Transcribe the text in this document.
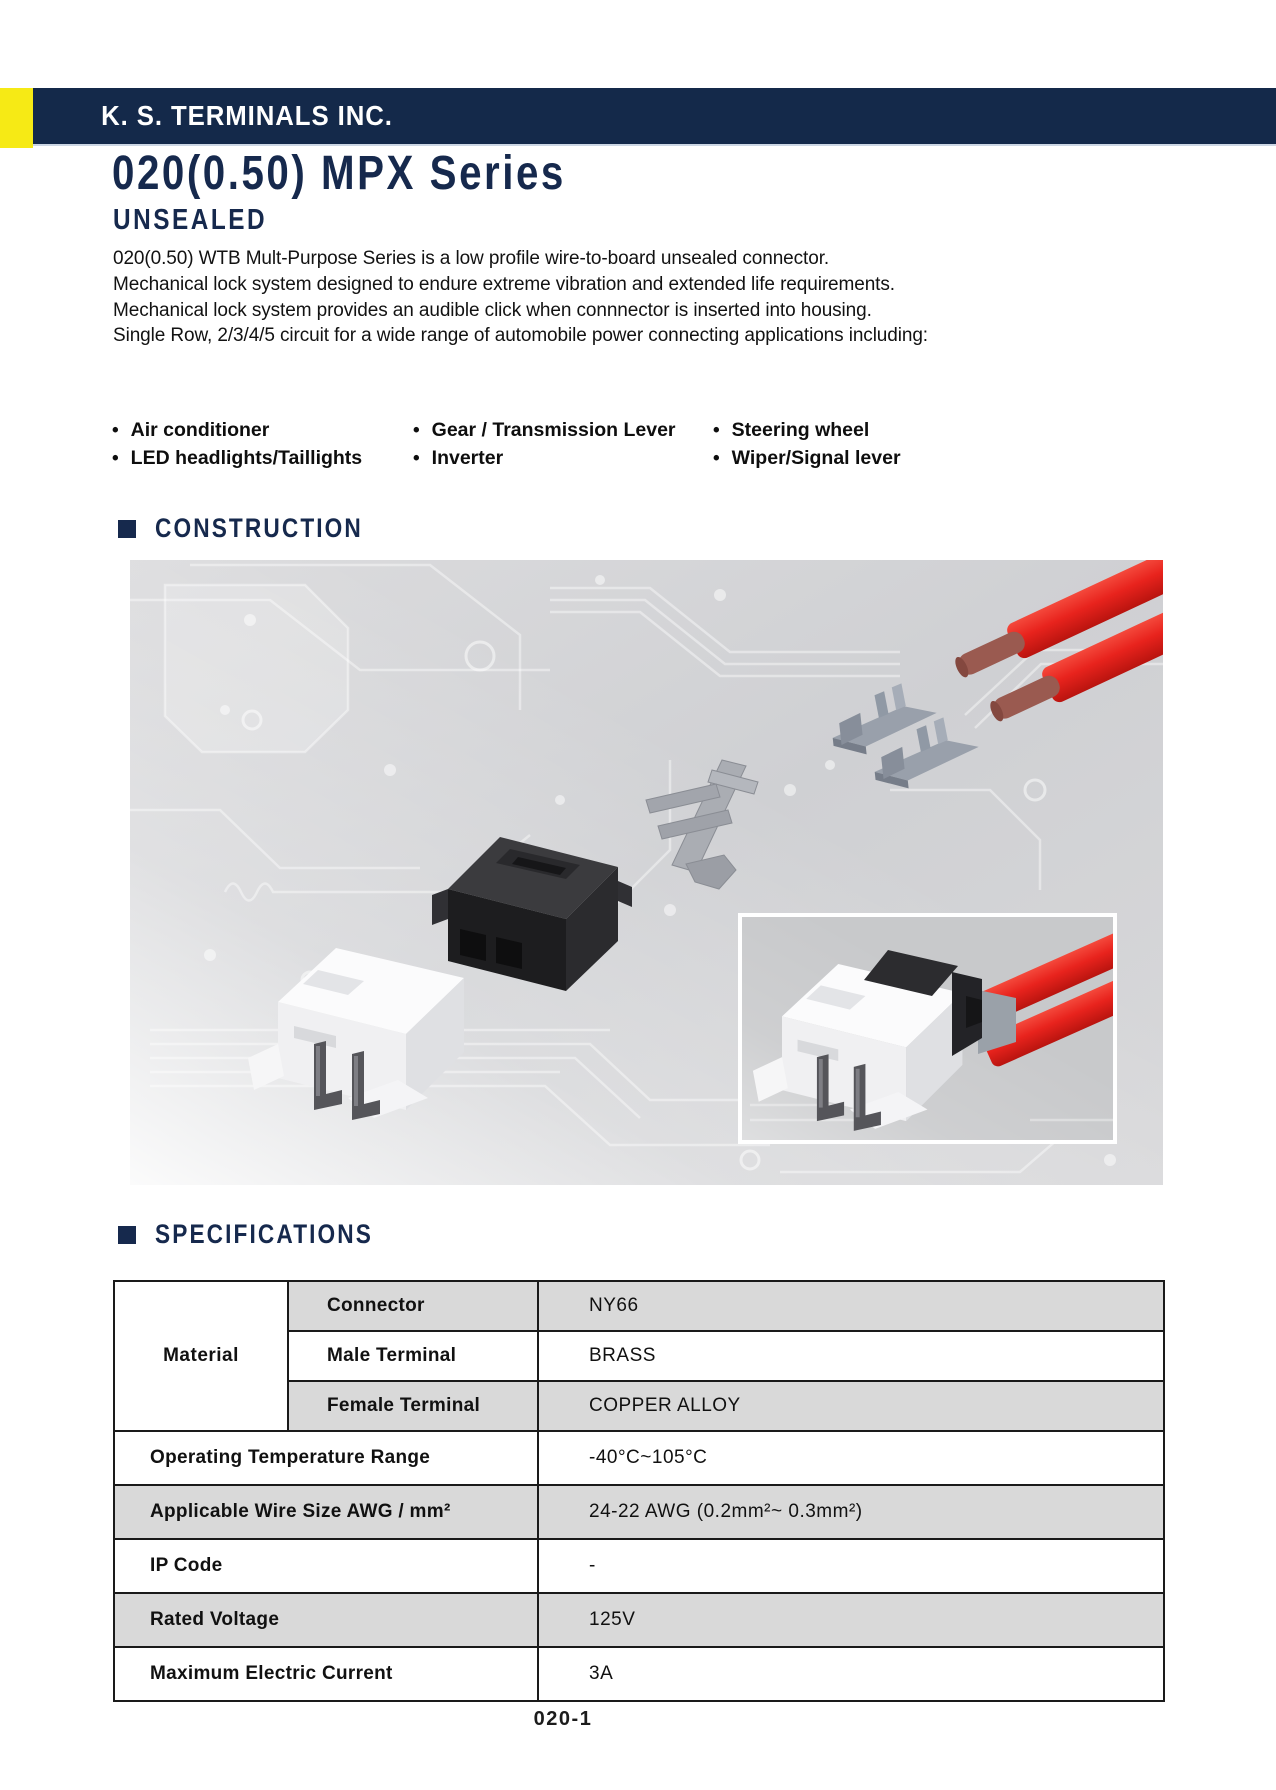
K. S. TERMINALS INC.
020(0.50) MPX Series
UNSEALED
020(0.50) WTB Mult-Purpose Series is a low profile wire-to-board unsealed connector.
Mechanical lock system designed to endure extreme vibration and extended life requirements.
Mechanical lock system provides an audible click when connnector is inserted into housing.
Single Row, 2/3/4/5 circuit for a wide range of automobile power connecting applications including:
• Air conditioner
• LED headlights/Taillights
• Gear / Transmission Lever
• Inverter
• Steering wheel
• Wiper/Signal lever
CONSTRUCTION
SPECIFICATIONS
Material	Connector	NY66
	Male Terminal	BRASS
	Female Terminal	COPPER ALLOY
Operating Temperature Range		-40°C~105°C
Applicable Wire Size AWG / mm²		24-22 AWG (0.2mm²~ 0.3mm²)
IP Code		-
Rated Voltage		125V
Maximum Electric Current		3A
020-1
